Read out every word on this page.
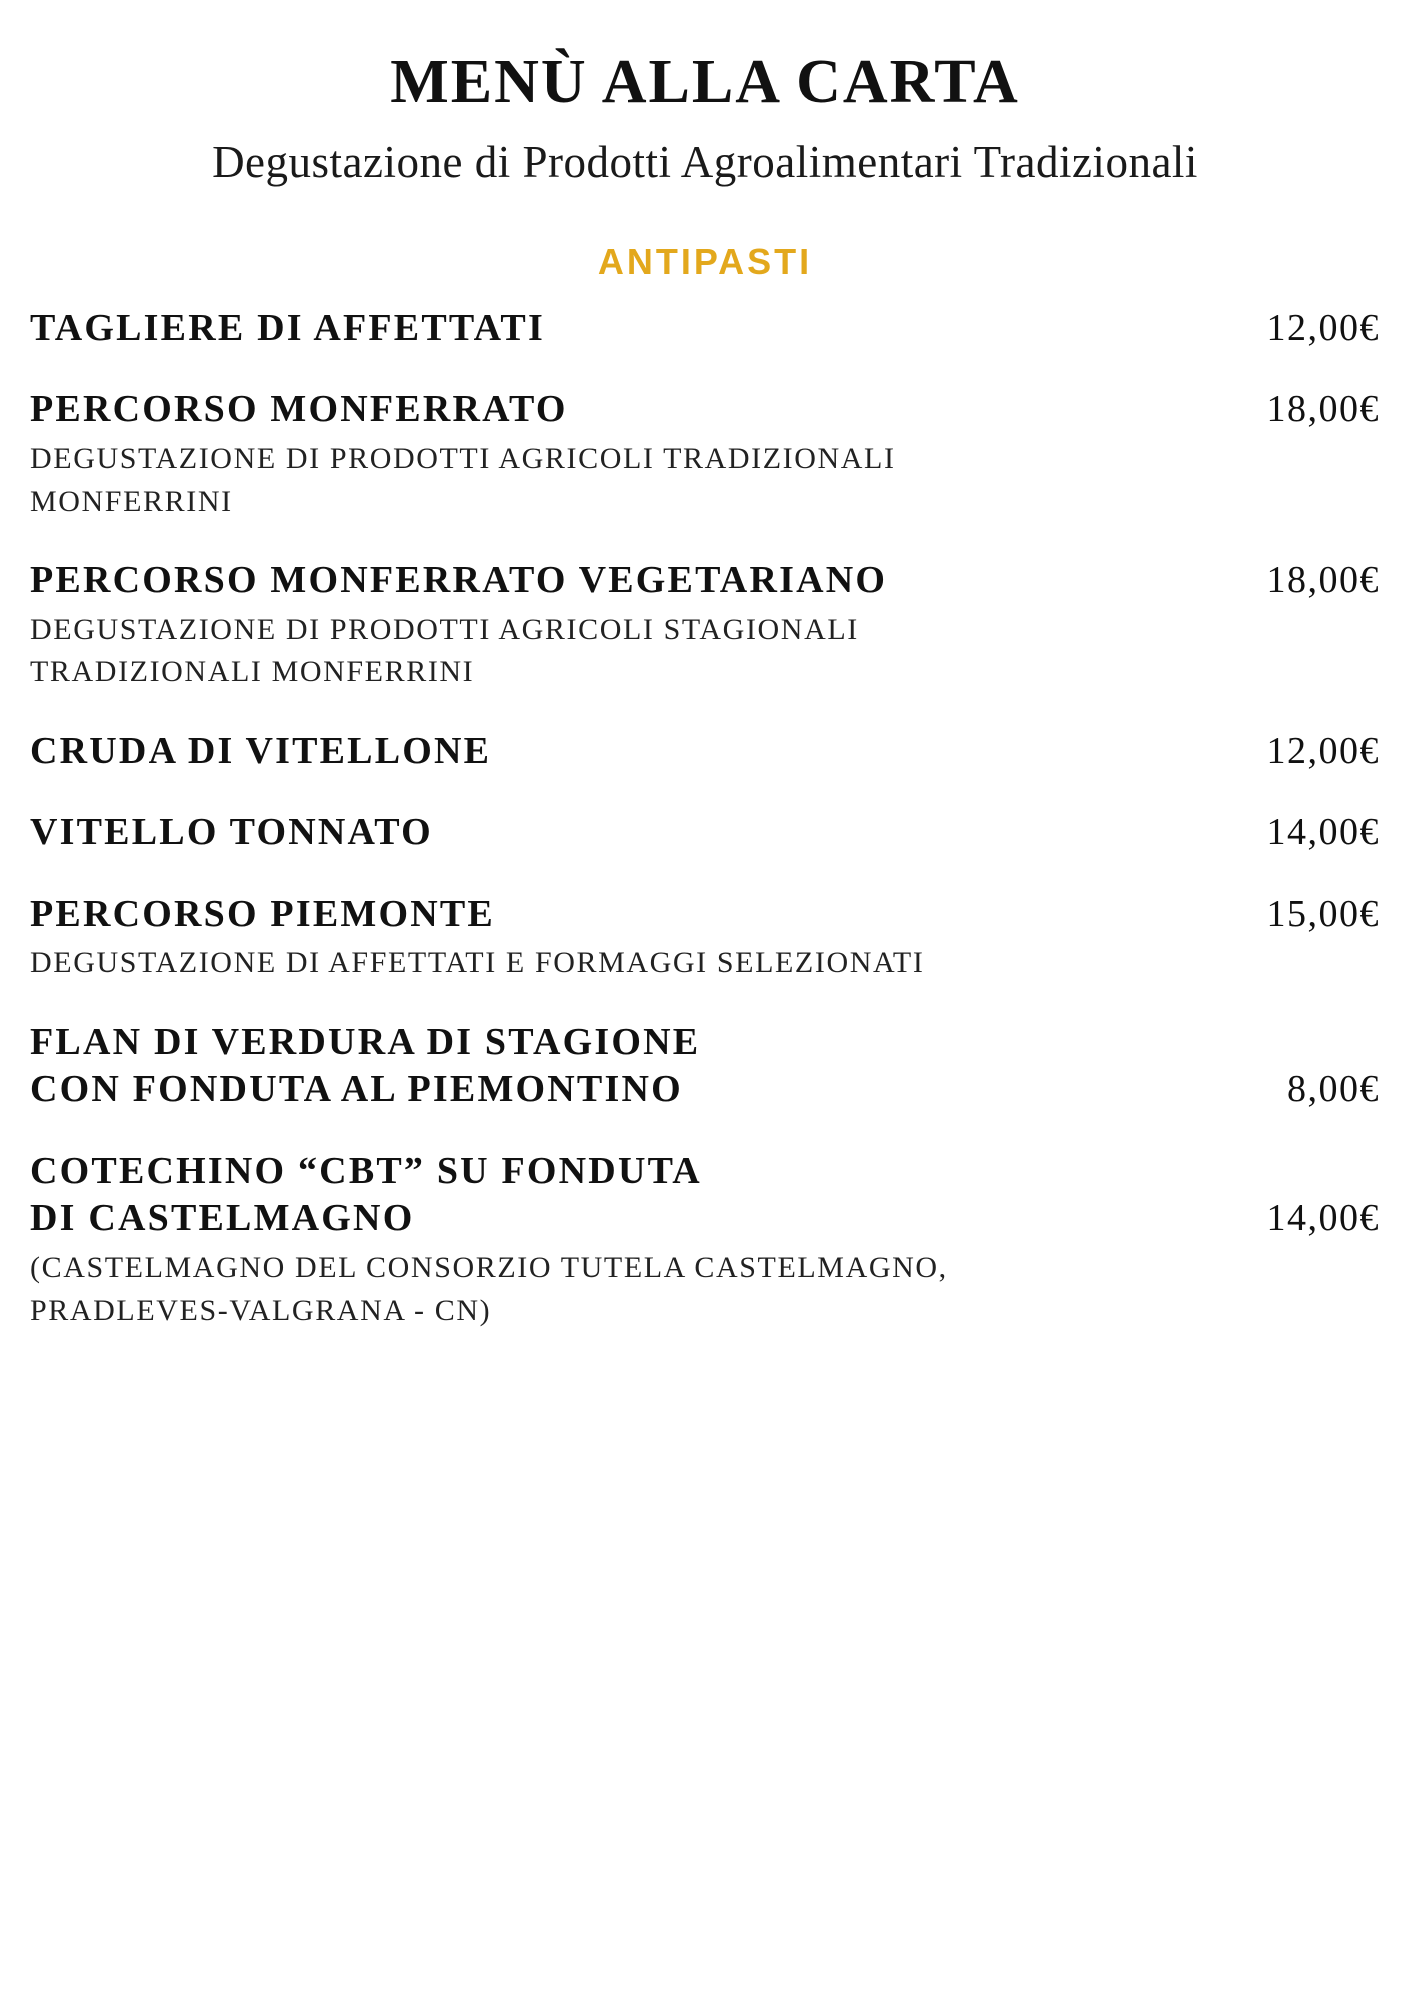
MENÙ ALLA CARTA

Degustazione di Prodotti Agroalimentari Tradizionali

ANTIPASTI
TAGLIERE DI AFFETTATI	12,00€
PERCORSO MONFERRATO	18,00€
DEGUSTAZIONE DI PRODOTTI AGRICOLI TRADIZIONALI MONFERRINI
PERCORSO MONFERRATO VEGETARIANO	18,00€
DEGUSTAZIONE DI PRODOTTI AGRICOLI STAGIONALI TRADIZIONALI MONFERRINI
CRUDA DI VITELLONE	12,00€
VITELLO TONNATO	14,00€
PERCORSO PIEMONTE	15,00€
DEGUSTAZIONE DI AFFETTATI E FORMAGGI SELEZIONATI
FLAN DI VERDURA DI STAGIONE
CON FONDUTA AL PIEMONTINO	8,00€
COTECHINO “CBT” SU FONDUTA
DI CASTELMAGNO	14,00€
(CASTELMAGNO DEL CONSORZIO TUTELA CASTELMAGNO, PRADLEVES-VALGRANA - CN)
